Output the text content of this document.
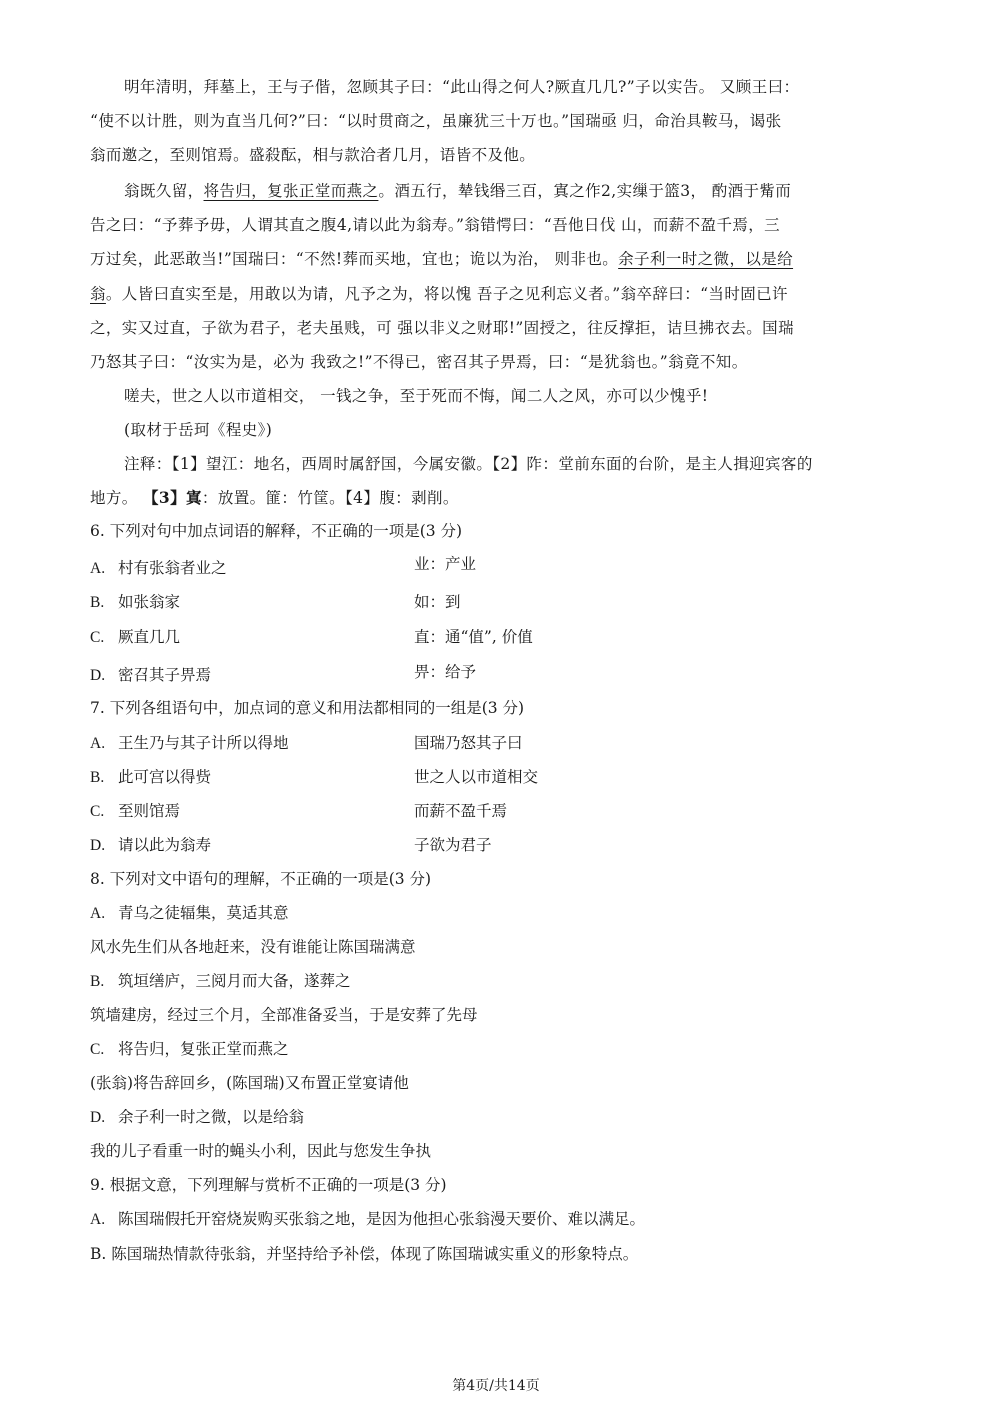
明年清明，拜墓上，王与子偕，忽顾其子曰：“此山得之何人?厥直几几?”子以实告。 又顾王曰：
“使不以计胜，则为直当几何?”曰：“以时贯商之，虽廉犹三十万也。”国瑞亟 归，命治具鞍马，谒张
翁而邀之，至则馆焉。盛殺酝，相与款洽者几月，语皆不及他。
翁既久留，将告归，复张正堂而燕之。酒五行，辇钱缗三百，寘之作2,实缫于篮3， 酌酒于觜而
告之曰：“予葬予毋，人谓其直之腹4,请以此为翁寿。”翁错愕曰：“吾他日伐 山，而薪不盈千焉，三
万过矣，此恶敢当!”国瑞曰：“不然!葬而买地，宜也；诡以为治， 则非也。余子利一时之微，以是给
翁。人皆曰直实至是，用敢以为请，凡予之为，将以愧 吾子之见利忘义者。”翁卒辞曰：“当时固已许
之，实又过直，子欲为君子，老夫虽贱，可 强以非义之财耶!”固授之，往反撑拒，诘旦拂衣去。国瑞
乃怒其子曰：“汝实为是，必为 我致之!”不得已，密召其子畀焉，曰：“是犹翁也。”翁竟不知。
嗟夫，世之人以市道相交， 一钱之争，至于死而不悔，闻二人之风，亦可以少愧乎!
(取材于岳珂《程史》)
注释：【1】望江：地名，西周时属舒国，今属安徽。【2】阼：堂前东面的台阶，是主人揖迎宾客的
地方。 【3】寘：放置。篚：竹筐。【4】腹：剥削。
6. 下列对句中加点词语的解释，不正确的一项是(3 分)
A. 村有张翁者业之	业：产业
B. 如张翁家	如：到
C. 厥直几几	直：通“值”, 价值
D. 密召其子畀焉	畀：给予
7. 下列各组语句中，加点词的意义和用法都相同的一组是(3 分)
A. 王生乃与其子计所以得地	国瑞乃怒其子曰
B. 此可宫以得赀	世之人以市道相交
C. 至则馆焉	而薪不盈千焉
D. 请以此为翁寿	子欲为君子
8. 下列对文中语句的理解，不正确的一项是(3 分)
A. 青乌之徒辐集，莫适其意
风水先生们从各地赶来，没有谁能让陈国瑞满意
B. 筑垣缮庐，三阅月而大备，遂葬之
筑墙建房，经过三个月，全部准备妥当，于是安葬了先母
C. 将告归，复张正堂而燕之
(张翁)将告辞回乡，(陈国瑞)又布置正堂宴请他
D. 余子利一时之微，以是给翁
我的儿子看重一时的蝇头小利，因此与您发生争执
9. 根据文意，下列理解与赏析不正确的一项是(3 分)
A. 陈国瑞假托开窑烧炭购买张翁之地，是因为他担心张翁漫天要价、难以满足。
B. 陈国瑞热情款待张翁，并坚持给予补偿，体现了陈国瑞诚实重义的形象特点。
第4页/共14页
